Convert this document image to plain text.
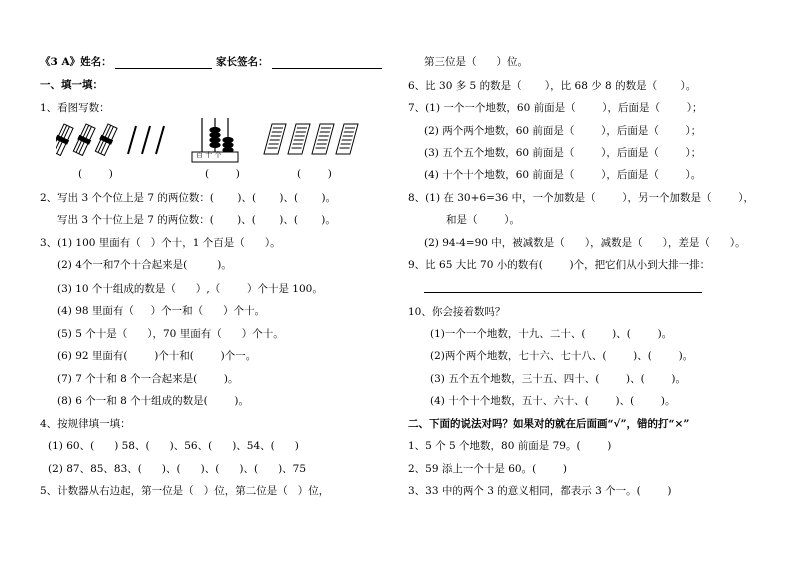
《3 A》姓名：	家长签名：
一、填一填：
1、看图写数：
百 十 个
(        )	(        )	(        )
2、写出 3 个个位上是 7 的两位数：(       )、(       )、(       )。
写出 3 个十位上是 7 的两位数：(       )、(       )、(       )。
3、(1) 100 里面有（   ）个十，1 个百是（      ）。
(2) 4个一和7个十合起来是(         )。
(3) 10 个十组成的数是（      ）,（        ）个十是 100。
(4) 98 里面有（     ）个一和（      ）个十。
(5) 5 个十是（      ），70 里面有（      ）个十。
(6) 92 里面有(        )个十和(        )个一。
(7) 7 个十和 8 个一合起来是(        )。
(8) 6 个一和 8 个十组成的数是(        )。
4、按规律填一填：
(1) 60、(      ) 58、(      )、56、(      )、54、(      )
(2) 87、85、83、(      )、(      )、(      )、(      )、75
5、计数器从右边起，第一位是（   ）位，第二位是（   ）位，
第三位是（      ）位。
6、比 30 多 5 的数是（       ），比 68 少 8 的数是（       ）。
7、(1) 一个一个地数，60 前面是（        ），后面是（        ）；
(2) 两个两个地数，60 前面是（        ），后面是（        ）；
(3) 五个五个地数，60 前面是（        ），后面是（        ）；
(4) 十个十个地数，60 前面是（        ），后面是（        ）。
8、(1) 在 30+6=36 中，一个加数是（        ），另一个加数是（        ），
和是（        ）。
(2) 94-4=90 中，被减数是（      ），减数是（      ），差是（      ）。
9、比 65 大比 70 小的数有(        )个，把它们从小到大排一排：
10、你会接着数吗？
(1)一个一个地数，十九、二十、(        )、(        )。
(2)两个两个地数，七十六、七十八、(        )、(        )。
(3) 五个五个地数，三十五、四十、(        )、(        )。
(4) 十个十个地数，五十、六十、(        )、(        )。
二、下面的说法对吗？如果对的就在后面画“√”，错的打“×”
1、5 个 5 个地数，80 前面是 79。(        )
2、59 添上一个十是 60。(        )
3、33 中的两个 3 的意义相同，都表示 3 个一。(        )
